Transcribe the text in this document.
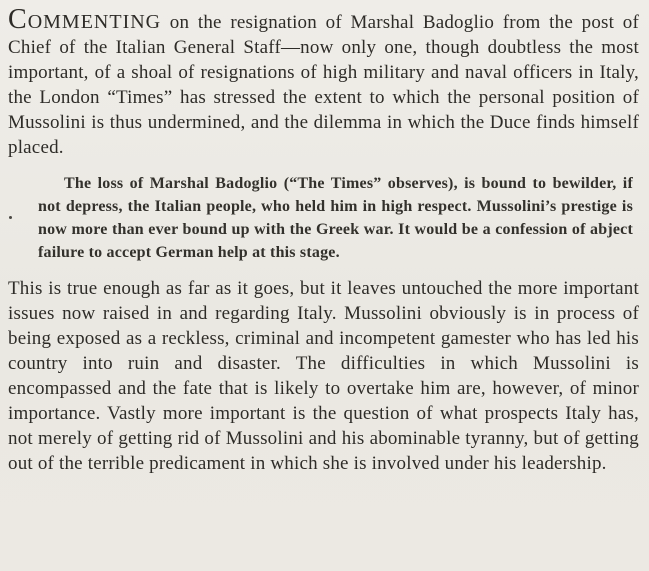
COMMENTING on the resignation of Marshal Badoglio from the post of Chief of the Italian General Staff—now only one, though doubtless the most important, of a shoal of resignations of high military and naval officers in Italy, the London “Times” has stressed the extent to which the personal position of Mussolini is thus undermined, and the dilemma in which the Duce finds himself placed.

The loss of Marshal Badoglio (“The Times” observes), is bound to bewilder, if not depress, the Italian people, who held him in high respect. Mussolini’s prestige is now more than ever bound up with the Greek war. It would be a confession of abject failure to accept German help at this stage.

This is true enough as far as it goes, but it leaves untouched the more important issues now raised in and regarding Italy. Mussolini obviously is in process of being exposed as a reckless, criminal and incompetent gamester who has led his country into ruin and disaster. The difficulties in which Mussolini is encompassed and the fate that is likely to overtake him are, however, of minor importance. Vastly more important is the question of what prospects Italy has, not merely of getting rid of Mussolini and his abominable tyranny, but of getting out of the terrible predicament in which she is involved under his leadership.
